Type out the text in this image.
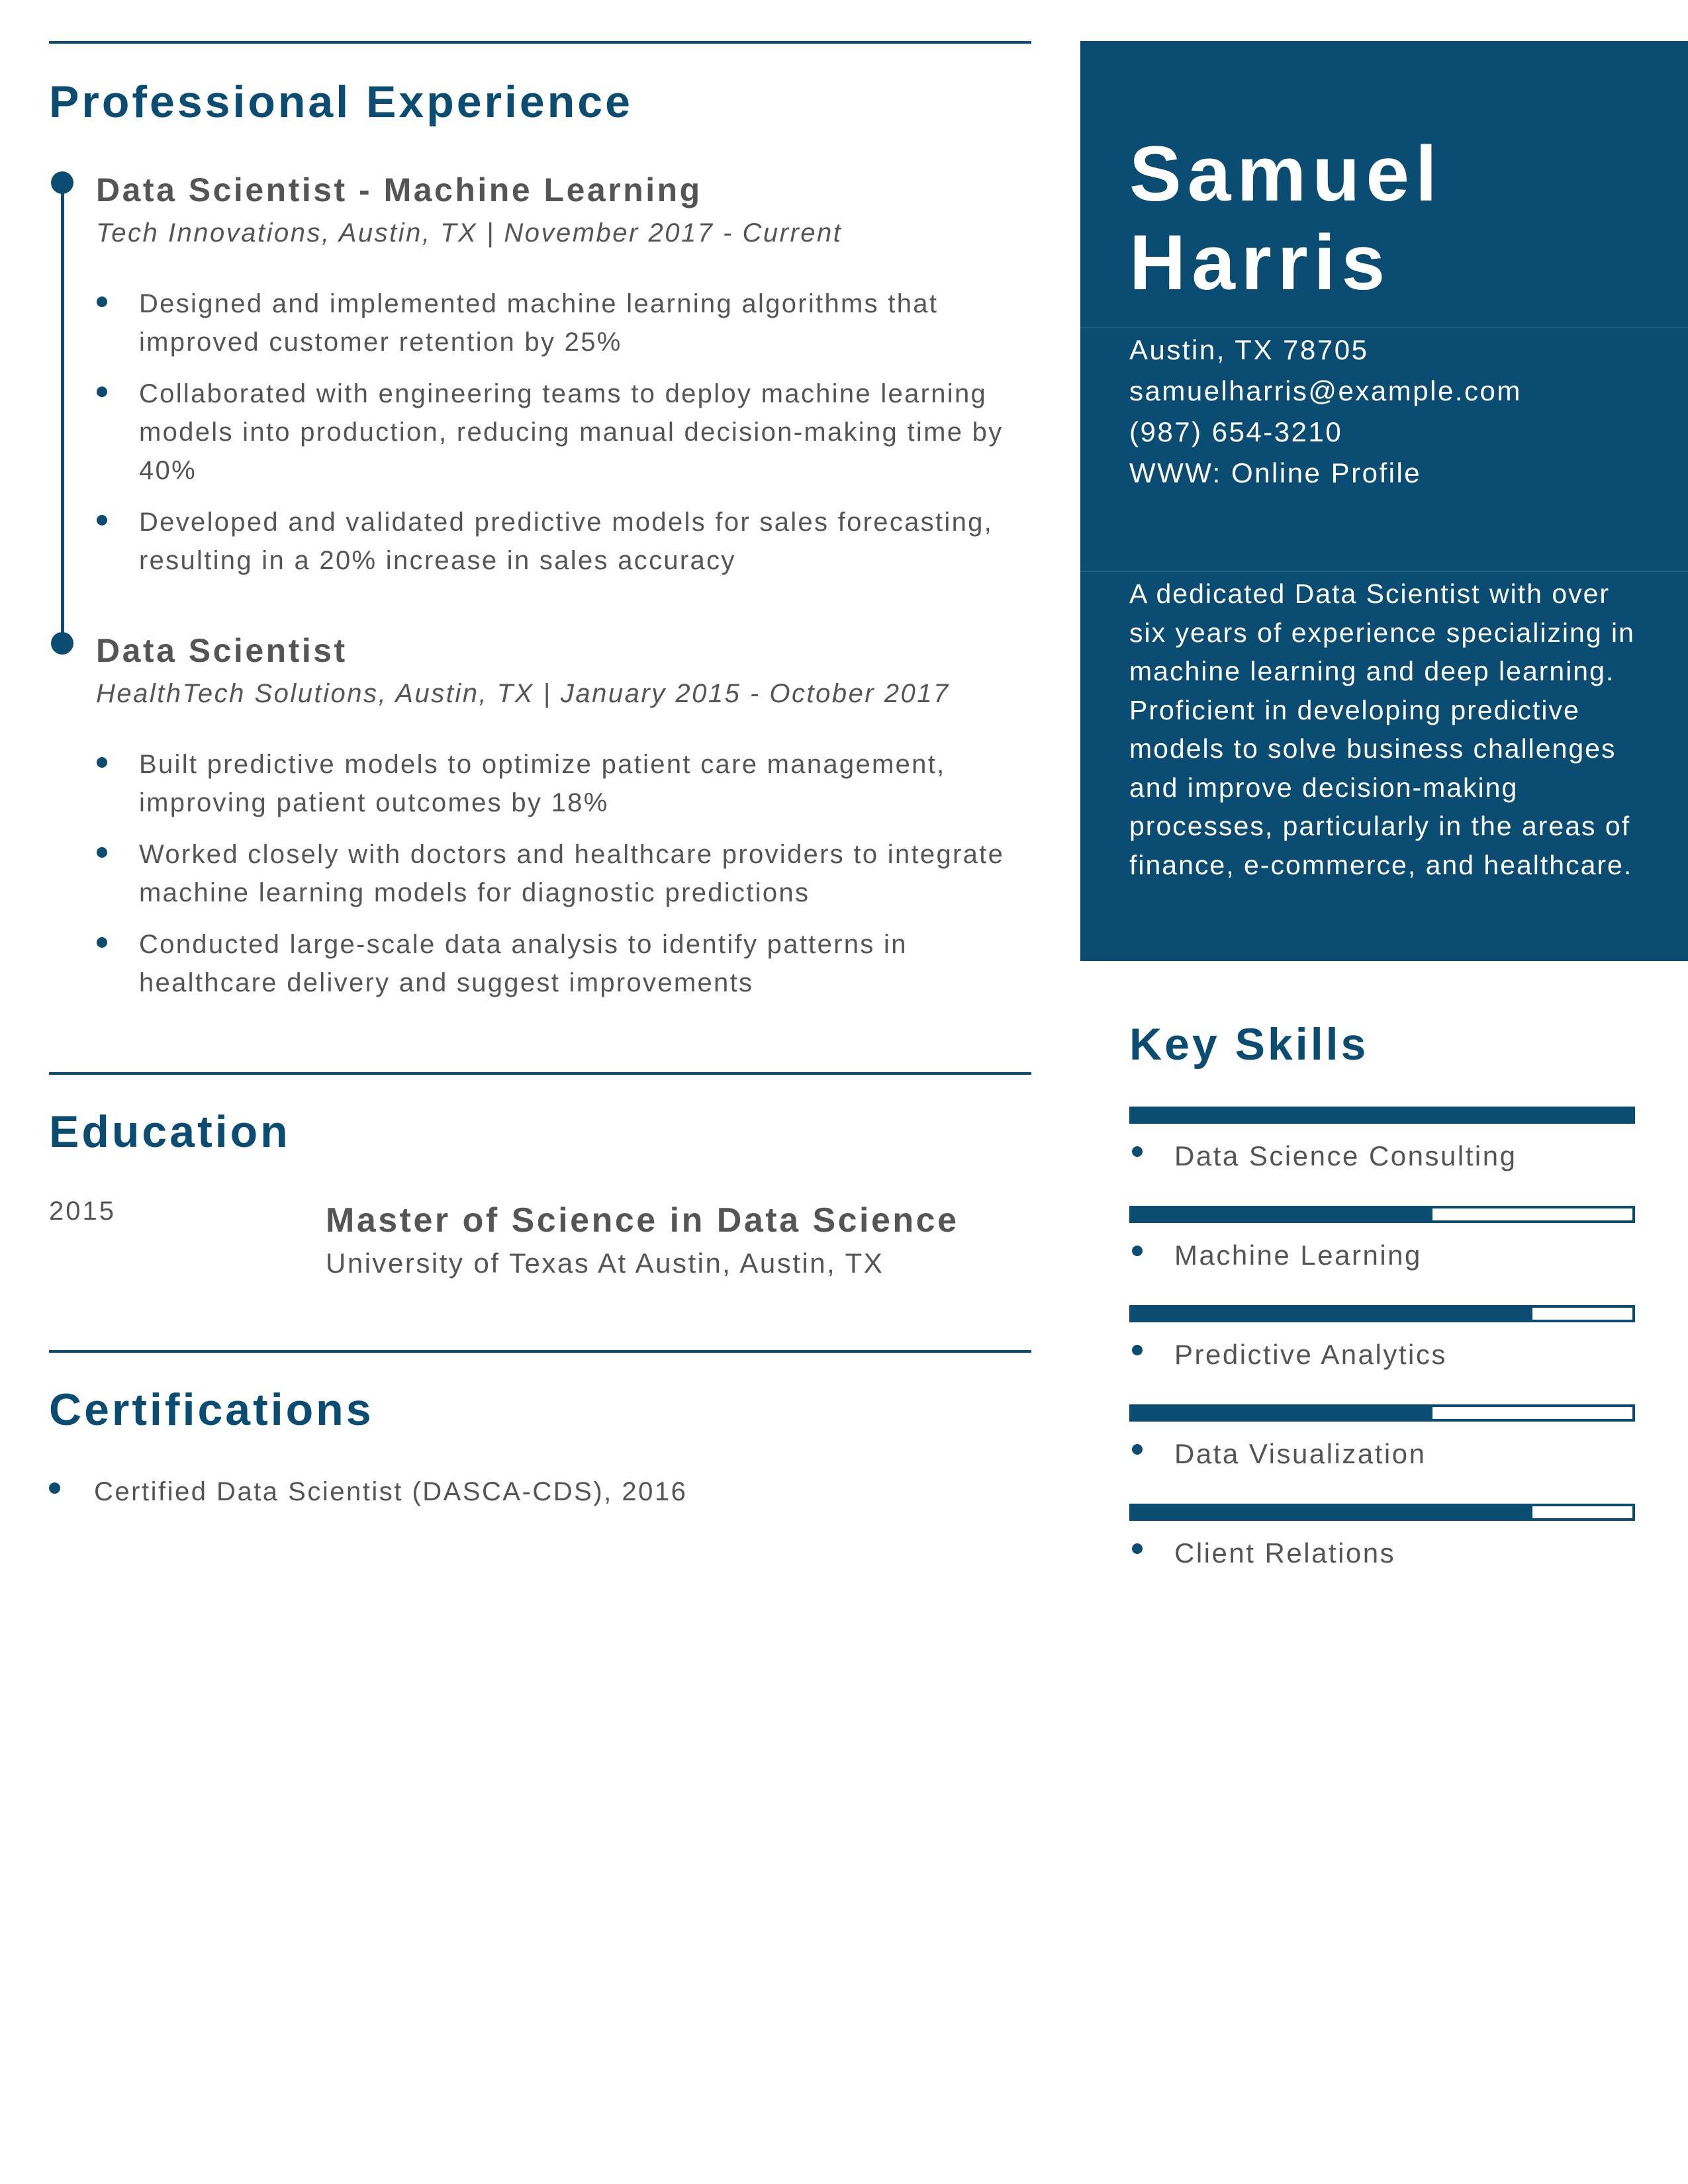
Professional Experience
Data Scientist - Machine Learning
Tech Innovations, Austin, TX | November 2017 - Current
Designed and implemented machine learning algorithms that improved customer retention by 25%
Collaborated with engineering teams to deploy machine learning models into production, reducing manual decision-making time by 40%
Developed and validated predictive models for sales forecasting, resulting in a 20% increase in sales accuracy
Data Scientist
HealthTech Solutions, Austin, TX | January 2015 - October 2017
Built predictive models to optimize patient care management, improving patient outcomes by 18%
Worked closely with doctors and healthcare providers to integrate machine learning models for diagnostic predictions
Conducted large-scale data analysis to identify patterns in healthcare delivery and suggest improvements
Education
2015	Master of Science in Data Science
University of Texas At Austin, Austin, TX
Certifications
Certified Data Scientist (DASCA-CDS), 2016
Samuel
Harris
Austin, TX 78705
samuelharris@example.com
(987) 654-3210
WWW: Online Profile

A dedicated Data Scientist with over six years of experience specializing in machine learning and deep learning. Proficient in developing predictive models to solve business challenges and improve decision-making processes, particularly in the areas of finance, e-commerce, and healthcare.

Key Skills
Data Science Consulting
Machine Learning
Predictive Analytics
Data Visualization
Client Relations
